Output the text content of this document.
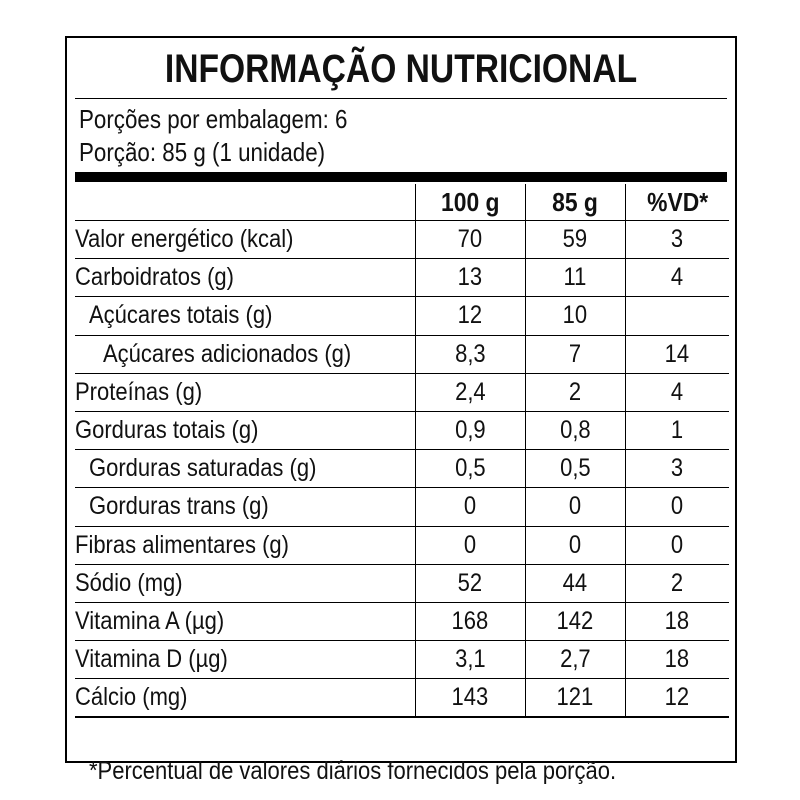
INFORMAÇÃO NUTRICIONAL
Porções por embalagem: 6
Porção: 85 g (1 unidade)
	100 g	85 g	%VD*
Valor energético (kcal)	70	59	3
Carboidratos (g)	13	11	4
Açúcares totais (g)	12	10	
Açúcares adicionados (g)	8,3	7	14
Proteínas (g)	2,4	2	4
Gorduras totais (g)	0,9	0,8	1
Gorduras saturadas (g)	0,5	0,5	3
Gorduras trans (g)	0	0	0
Fibras alimentares (g)	0	0	0
Sódio (mg)	52	44	2
Vitamina A (µg)	168	142	18
Vitamina D (µg)	3,1	2,7	18
Cálcio (mg)	143	121	12
*Percentual de valores diários fornecidos pela porção.
